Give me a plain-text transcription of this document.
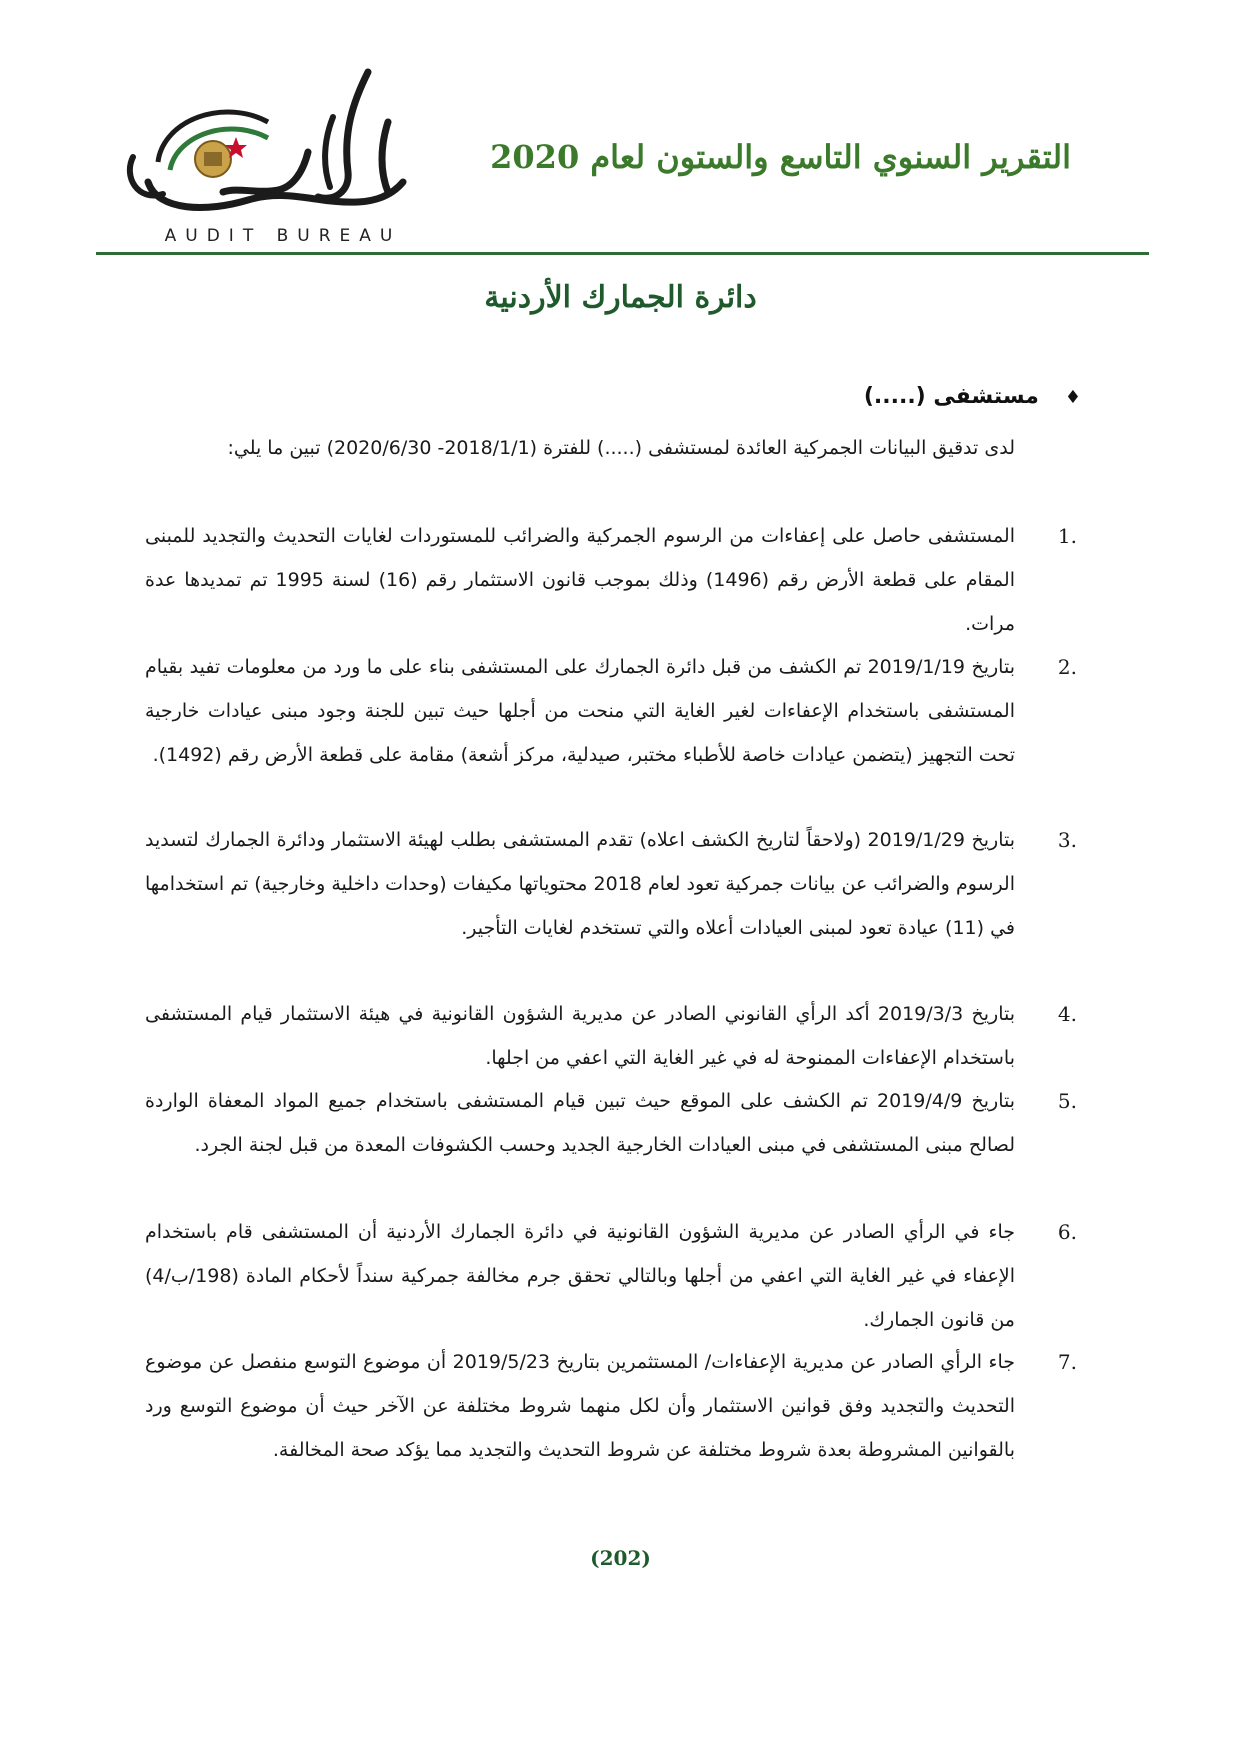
التقرير السنوي التاسع والستون لعام 2020
AUDIT BUREAU
دائرة الجمارك الأردنية
♦مستشفى (.....)
لدى تدقيق البيانات الجمركية العائدة لمستشفى (.....) للفترة (2018/1/1- 2020/6/30) تبين ما يلي:
1.
المستشفى حاصل على إعفاءات من الرسوم الجمركية والضرائب للمستوردات لغايات التحديث والتجديد للمبنى المقام على قطعة الأرض رقم (1496) وذلك بموجب قانون الاستثمار رقم (16) لسنة 1995 تم تمديدها عدة مرات.
2.
بتاريخ 2019/1/19 تم الكشف من قبل دائرة الجمارك على المستشفى بناء على ما ورد من معلومات تفيد بقيام المستشفى باستخدام الإعفاءات لغير الغاية التي منحت من أجلها حيث تبين للجنة وجود مبنى عيادات خارجية تحت التجهيز (يتضمن عيادات خاصة للأطباء مختبر، صيدلية، مركز أشعة) مقامة على قطعة الأرض رقم (1492).
3.
بتاريخ 2019/1/29 (ولاحقاً لتاريخ الكشف اعلاه) تقدم المستشفى بطلب لهيئة الاستثمار ودائرة الجمارك لتسديد الرسوم والضرائب عن بيانات جمركية تعود لعام 2018 محتوياتها مكيفات (وحدات داخلية وخارجية) تم استخدامها في (11) عيادة تعود لمبنى العيادات أعلاه والتي تستخدم لغايات التأجير.
4.
بتاريخ 2019/3/3 أكد الرأي القانوني الصادر عن مديرية الشؤون القانونية في هيئة الاستثمار قيام المستشفى باستخدام الإعفاءات الممنوحة له في غير الغاية التي اعفي من اجلها.
5.
بتاريخ 2019/4/9 تم الكشف على الموقع حيث تبين قيام المستشفى باستخدام جميع المواد المعفاة الواردة لصالح مبنى المستشفى في مبنى العيادات الخارجية الجديد وحسب الكشوفات المعدة من قبل لجنة الجرد.
6.
جاء في الرأي الصادر عن مديرية الشؤون القانونية في دائرة الجمارك الأردنية أن المستشفى قام باستخدام الإعفاء في غير الغاية التي اعفي من أجلها وبالتالي تحقق جرم مخالفة جمركية سنداً لأحكام المادة (198/ب/4) من قانون الجمارك.
7.
جاء الرأي الصادر عن مديرية الإعفاءات/ المستثمرين بتاريخ 2019/5/23 أن موضوع التوسع منفصل عن موضوع التحديث والتجديد وفق قوانين الاستثمار وأن لكل منهما شروط مختلفة عن الآخر حيث أن موضوع التوسع ورد بالقوانين المشروطة بعدة شروط مختلفة عن شروط التحديث والتجديد مما يؤكد صحة المخالفة.
(202)
